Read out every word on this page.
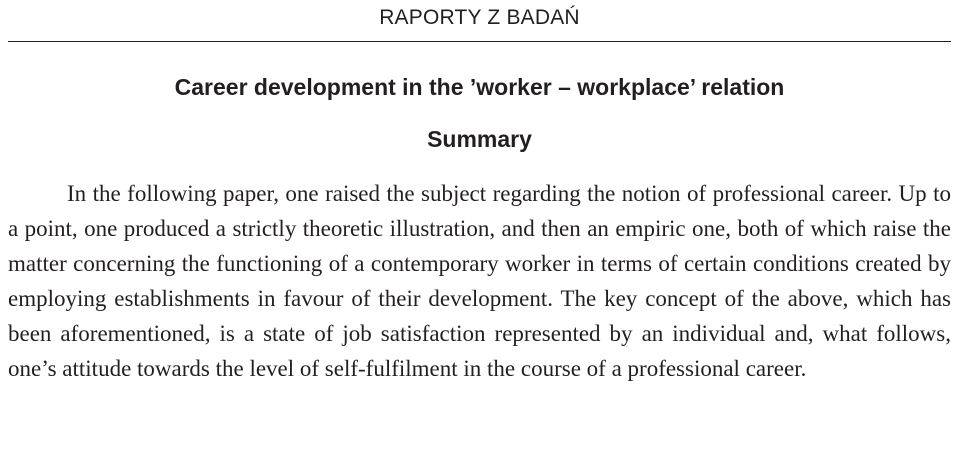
RAPORTY Z BADAŃ
Career development in the ’worker – workplace’ relation
Summary

In the following paper, one raised the subject regarding the notion of professional career. Up to a point, one produced a strictly theoretic illustration, and then an empiric one, both of which raise the matter concerning the functioning of a contemporary worker in terms of certain conditions created by employing establishments in favour of their development. The key concept of the above, which has been aforementioned, is a state of job satisfaction represented by an individual and, what follows, one’s attitude towards the level of self-fulfilment in the course of a professional career.
